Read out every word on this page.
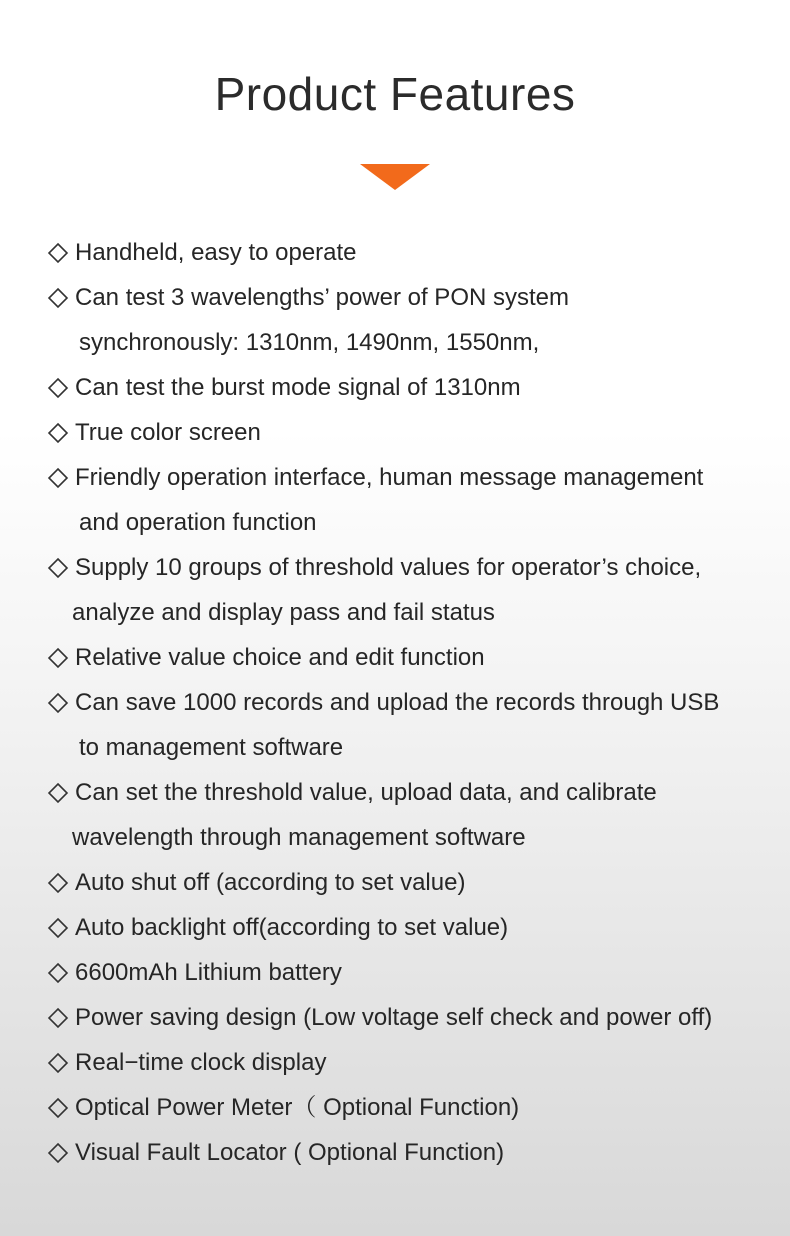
Product Features
Handheld, easy to operate
Can test 3 wavelengths’ power of PON system
synchronously: 1310nm, 1490nm, 1550nm,
Can test the burst mode signal of 1310nm
True color screen
Friendly operation interface, human message management
and operation function
Supply 10 groups of threshold values for operator’s choice,
analyze and display pass and fail status
Relative value choice and edit function
Can save 1000 records and upload the records through USB
to management software
Can set the threshold value, upload data, and calibrate
wavelength through management software
Auto shut off (according to set value)
Auto backlight off(according to set value)
6600mAh Lithium battery
Power saving design (Low voltage self check and power off)
Real−time clock display
Optical Power Meter（ Optional Function)
Visual Fault Locator ( Optional Function)
